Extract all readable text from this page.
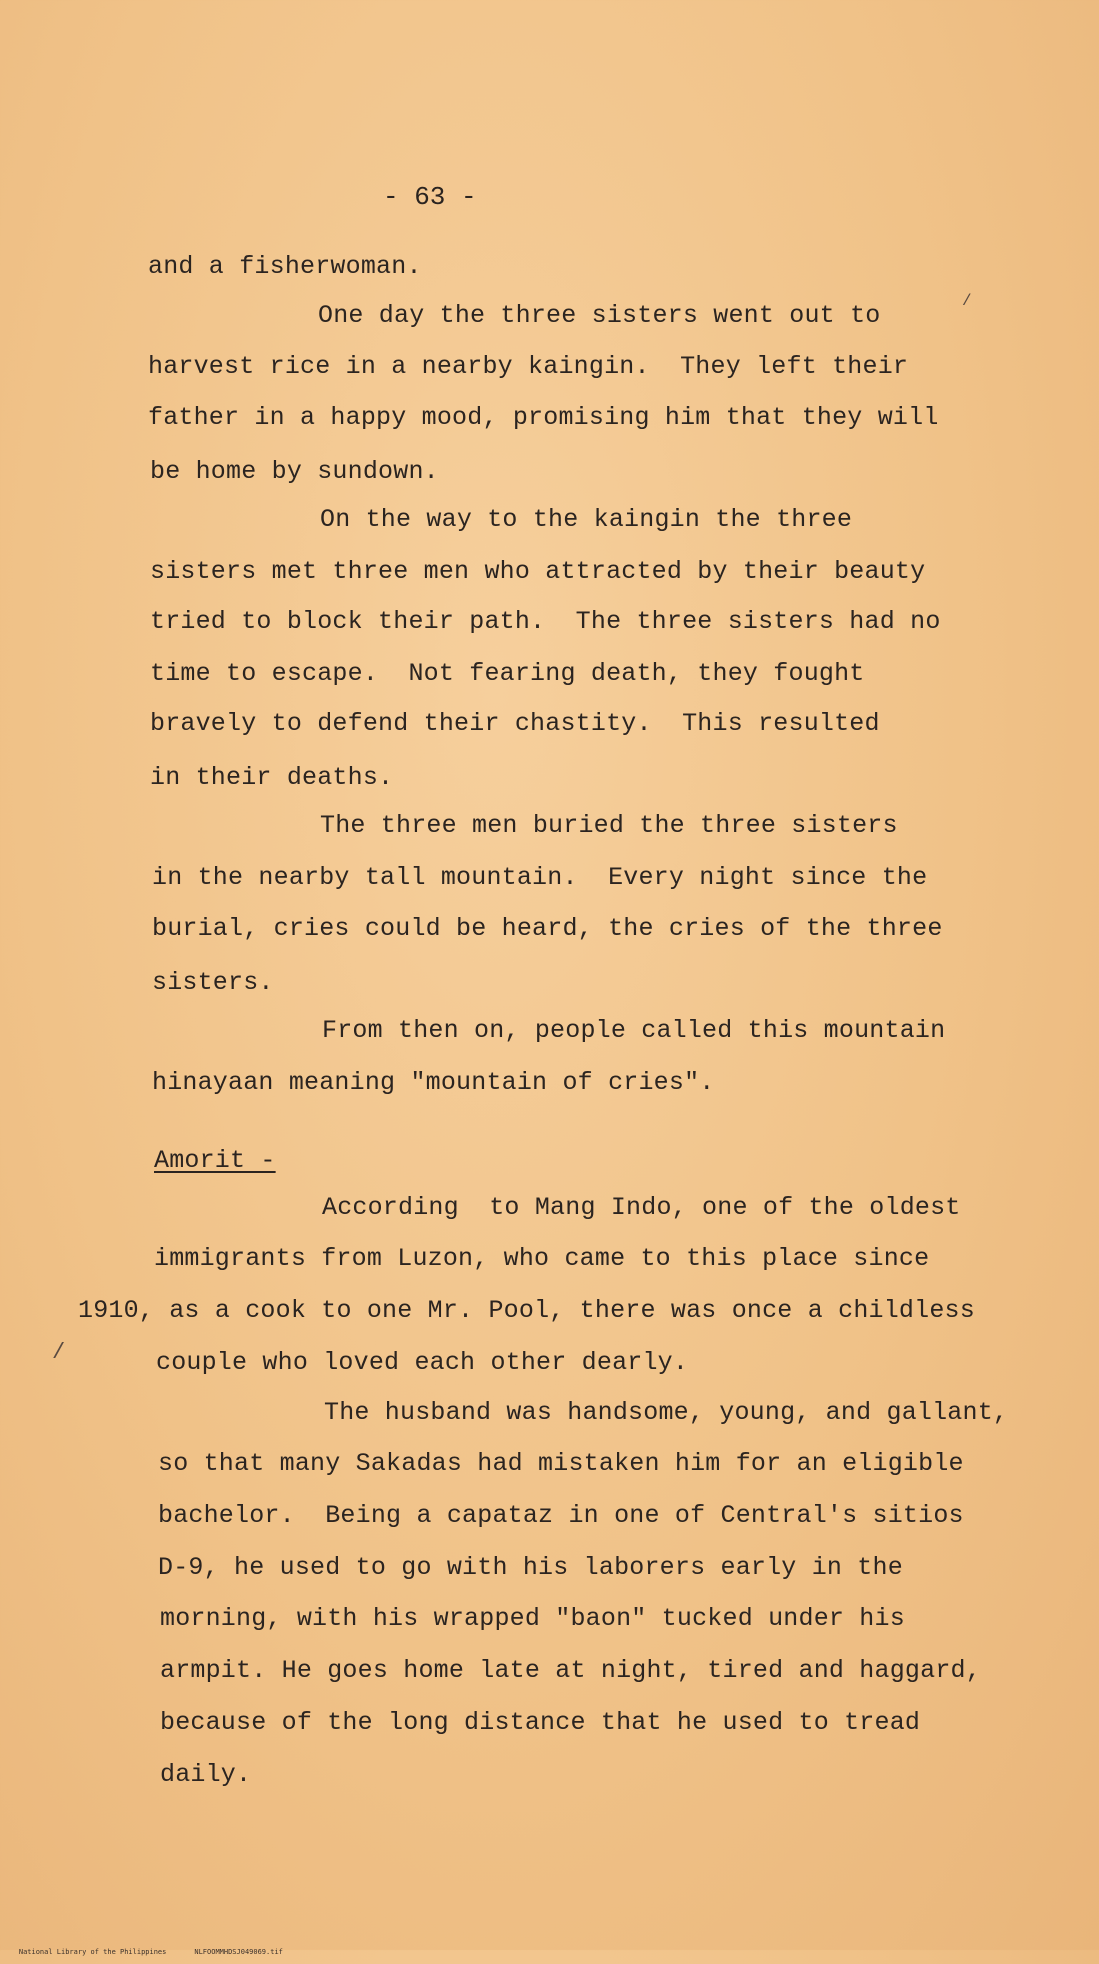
- 63 -
and a fisherwoman.
One day the three sisters went out to
harvest rice in a nearby kaingin.  They left their
father in a happy mood, promising him that they will
be home by sundown.
On the way to the kaingin the three
sisters met three men who attracted by their beauty
tried to block their path.  The three sisters had no
time to escape.  Not fearing death, they fought
bravely to defend their chastity.  This resulted
in their deaths.
The three men buried the three sisters
in the nearby tall mountain.  Every night since the
burial, cries could be heard, the cries of the three
sisters.
From then on, people called this mountain
hinayaan meaning "mountain of cries".
Amorit -
According  to Mang Indo, one of the oldest
immigrants from Luzon, who came to this place since
1910, as a cook to one Mr. Pool, there was once a childless
couple who loved each other dearly.
The husband was handsome, young, and gallant,
so that many Sakadas had mistaken him for an eligible
bachelor.  Being a capataz in one of Central's sitios
D-9, he used to go with his laborers early in the
morning, with his wrapped "baon" tucked under his
armpit. He goes home late at night, tired and haggard,
because of the long distance that he used to tread
daily.
/
/

National Library of the Philippines	NLFOOMMHDSJ049069.tif
